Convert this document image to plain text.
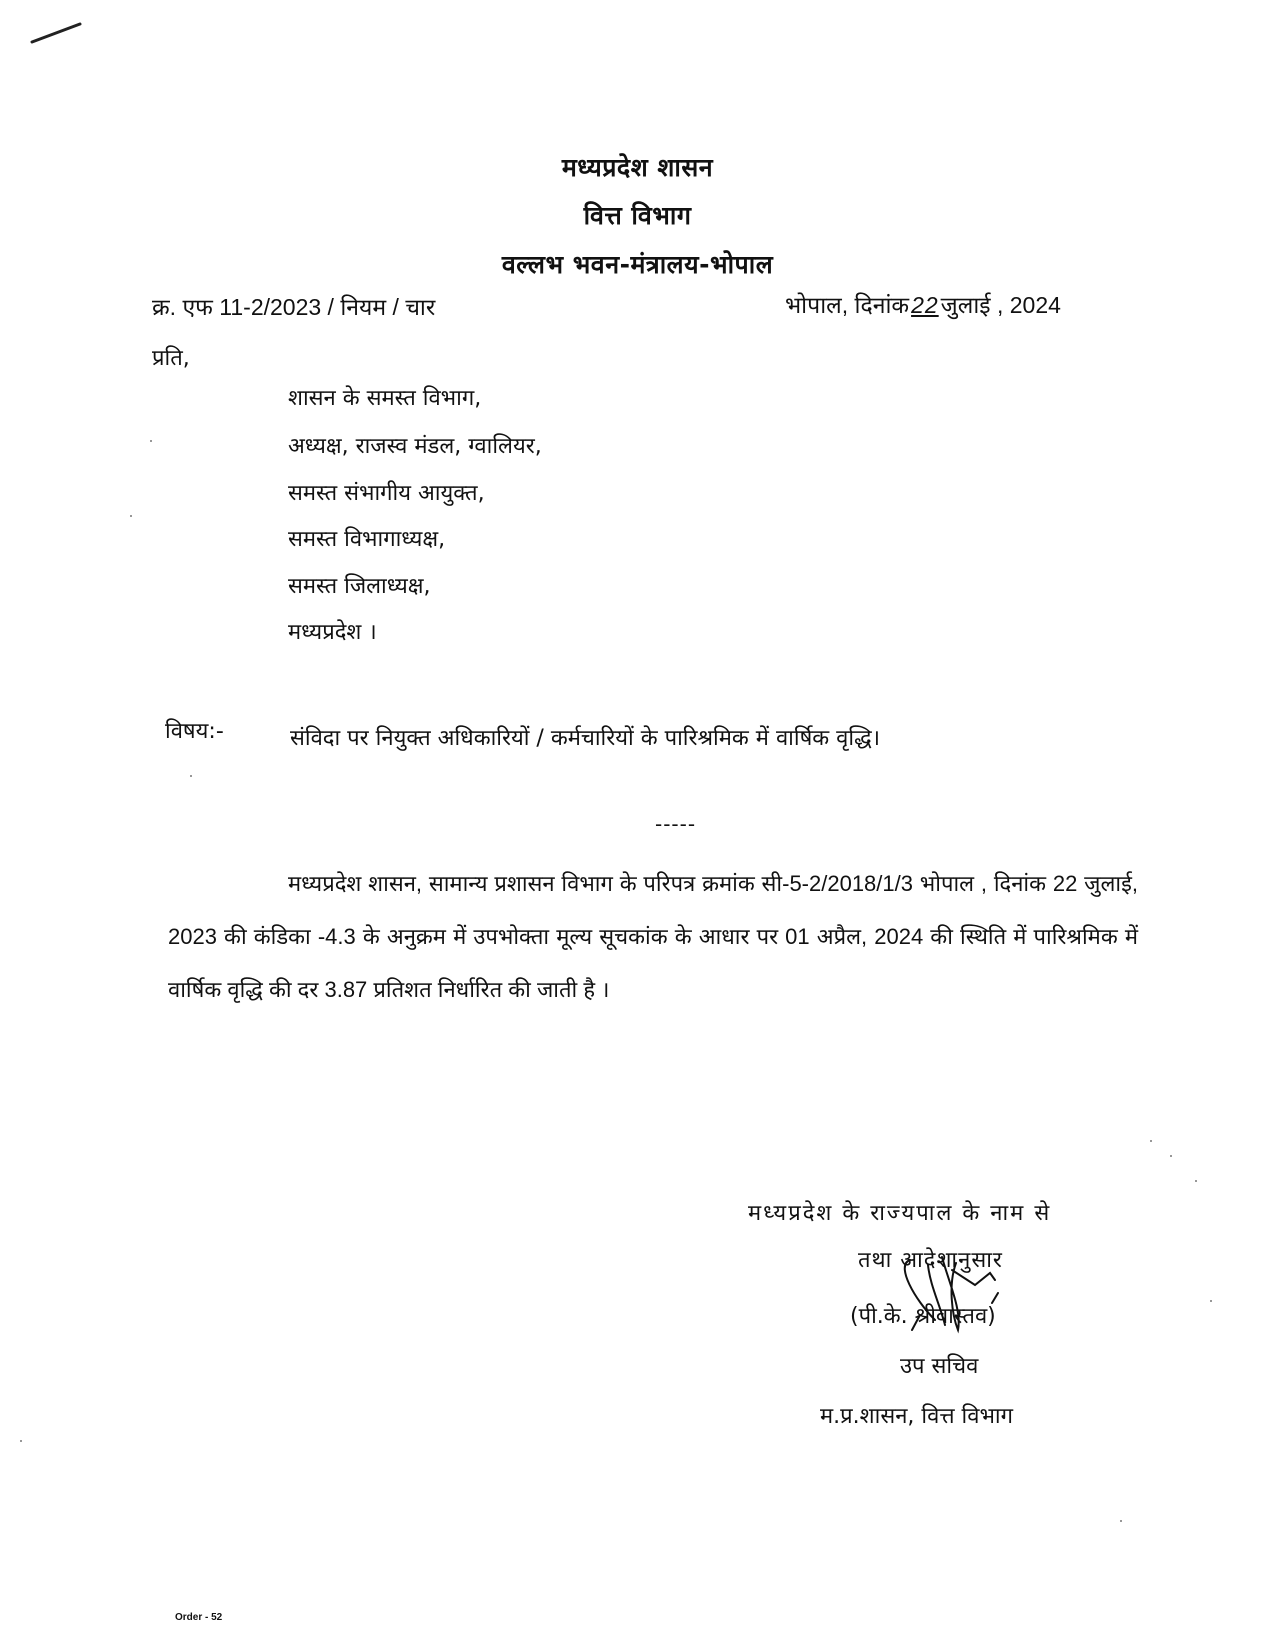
मध्यप्रदेश शासन
वित्त विभाग
वल्लभ भवन-मंत्रालय-भोपाल
क्र. एफ 11-2/2023 / नियम / चार	भोपाल, दिनांक22जुलाई , 2024
प्रति,
शासन के समस्त विभाग,
अध्यक्ष, राजस्व मंडल, ग्वालियर,
समस्त संभागीय आयुक्त,
समस्त विभागाध्यक्ष,
समस्त जिलाध्यक्ष,
मध्यप्रदेश ।
विषय:-	संविदा पर नियुक्त अधिकारियों / कर्मचारियों के पारिश्रमिक में वार्षिक वृद्धि।
-----
मध्यप्रदेश शासन, सामान्य प्रशासन विभाग के परिपत्र क्रमांक सी-5-2/2018/1/3 भोपाल , दिनांक 22 जुलाई, 2023 की कंडिका -4.3 के अनुक्रम में उपभोक्ता मूल्य सूचकांक के आधार पर 01 अप्रैल, 2024 की स्थिति में पारिश्रमिक में वार्षिक वृद्धि की दर 3.87 प्रतिशत निर्धारित की जाती है ।
मध्यप्रदेश के राज्यपाल के नाम से
तथा आदेशानुसार
(पी.के. श्रीवास्तव)
उप सचिव
म.प्र.शासन, वित्त विभाग
Order - 52
